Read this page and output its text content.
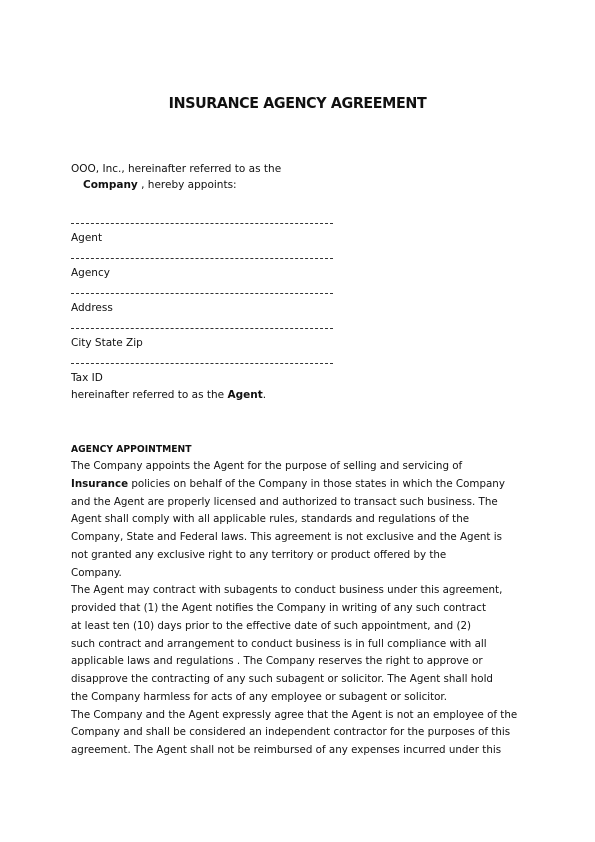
INSURANCE AGENCY AGREEMENT
OOO, Inc., hereinafter referred to as the
Company , hereby appoints:
Agent
Agency
Address
City State Zip
Tax ID
hereinafter referred to as the Agent.
AGENCY APPOINTMENT
The Company appoints the Agent for the purpose of selling and servicing of
Insurance policies on behalf of the Company in those states in which the Company
and the Agent are properly licensed and authorized to transact such business. The
Agent shall comply with all applicable rules, standards and regulations of the
Company, State and Federal laws. This agreement is not exclusive and the Agent is
not granted any exclusive right to any territory or product offered by the
Company.
The Agent may contract with subagents to conduct business under this agreement,
provided that (1) the Agent notifies the Company in writing of any such contract
at least ten (10) days prior to the effective date of such appointment, and (2)
such contract and arrangement to conduct business is in full compliance with all
applicable laws and regulations . The Company reserves the right to approve or
disapprove the contracting of any such subagent or solicitor. The Agent shall hold
the Company harmless for acts of any employee or subagent or solicitor.
The Company and the Agent expressly agree that the Agent is not an employee of the
Company and shall be considered an independent contractor for the purposes of this
agreement. The Agent shall not be reimbursed of any expenses incurred under this
